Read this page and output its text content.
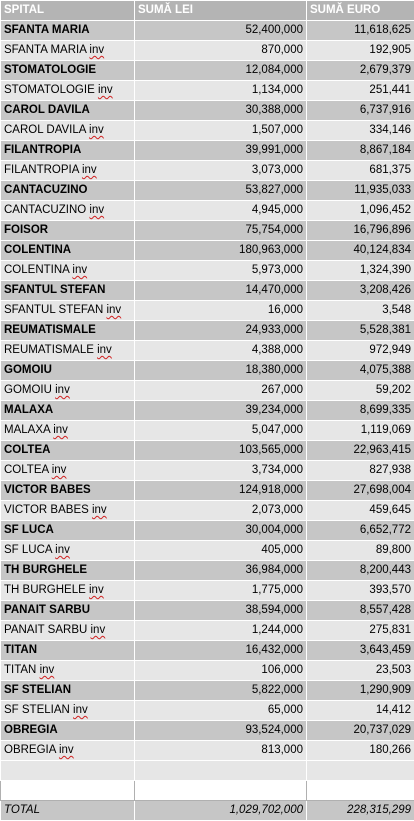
SPITAL	SUMĂ LEI	SUMĂ EURO
SFANTA MARIA	52,400,000	11,618,625
SFANTA MARIA inv	870,000	192,905
STOMATOLOGIE	12,084,000	2,679,379
STOMATOLOGIE inv	1,134,000	251,441
CAROL DAVILA	30,388,000	6,737,916
CAROL DAVILA inv	1,507,000	334,146
FILANTROPIA	39,991,000	8,867,184
FILANTROPIA inv	3,073,000	681,375
CANTACUZINO	53,827,000	11,935,033
CANTACUZINO inv	4,945,000	1,096,452
FOISOR	75,754,000	16,796,896
COLENTINA	180,963,000	40,124,834
COLENTINA inv	5,973,000	1,324,390
SFANTUL STEFAN	14,470,000	3,208,426
SFANTUL STEFAN inv	16,000	3,548
REUMATISMALE	24,933,000	5,528,381
REUMATISMALE inv	4,388,000	972,949
GOMOIU	18,380,000	4,075,388
GOMOIU inv	267,000	59,202
MALAXA	39,234,000	8,699,335
MALAXA inv	5,047,000	1,119,069
COLTEA	103,565,000	22,963,415
COLTEA inv	3,734,000	827,938
VICTOR BABES	124,918,000	27,698,004
VICTOR BABES inv	2,073,000	459,645
SF LUCA	30,004,000	6,652,772
SF LUCA inv	405,000	89,800
TH BURGHELE	36,984,000	8,200,443
TH BURGHELE inv	1,775,000	393,570
PANAIT SARBU	38,594,000	8,557,428
PANAIT SARBU inv	1,244,000	275,831
TITAN	16,432,000	3,643,459
TITAN inv	106,000	23,503
SF STELIAN	5,822,000	1,290,909
SF STELIAN inv	65,000	14,412
OBREGIA	93,524,000	20,737,029
OBREGIA inv	813,000	180,266

TOTAL	1,029,702,000	228,315,299
